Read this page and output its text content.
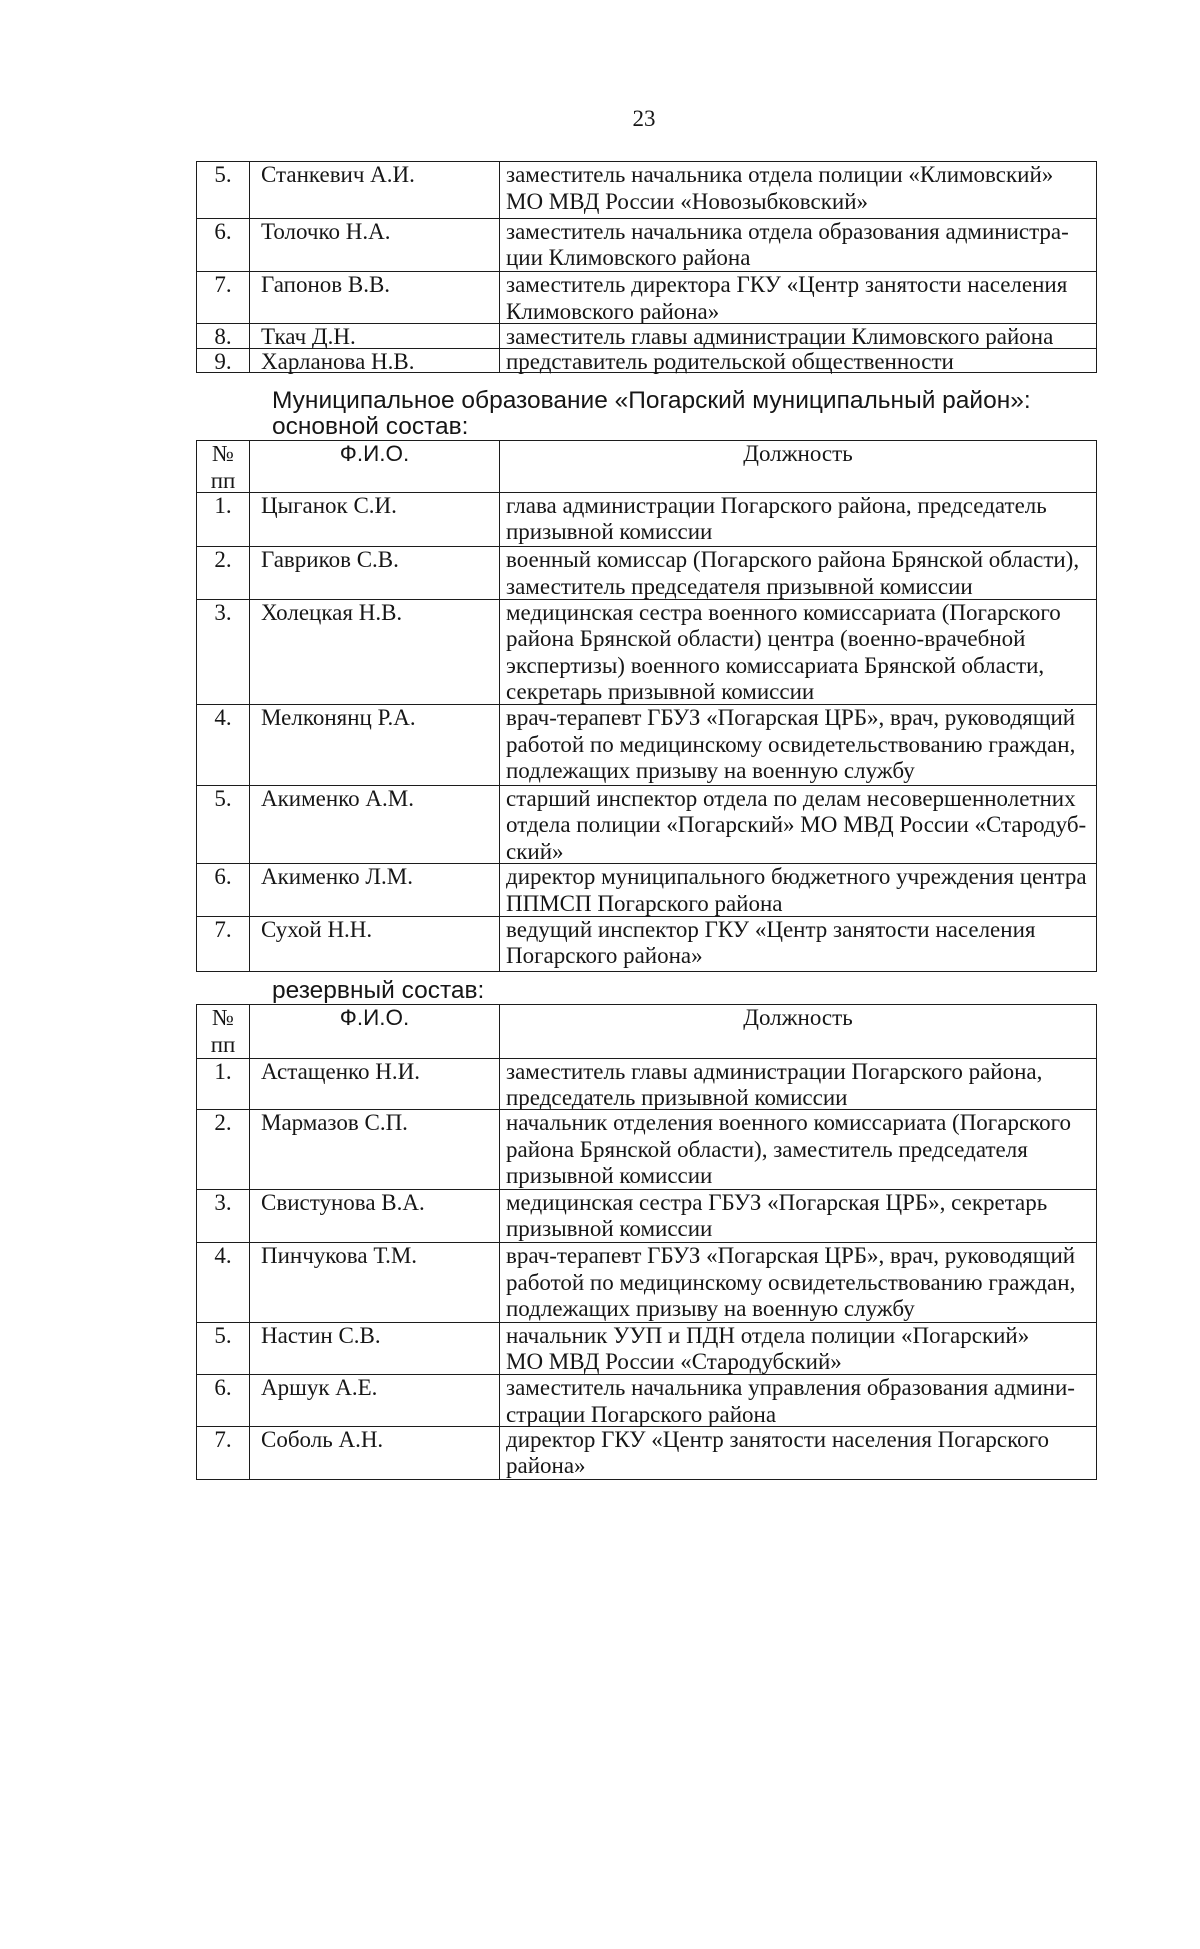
23
5.	Станкевич А.И.	заместитель начальника отдела полиции «Климовский»
МО МВД России «Новозыбковский»

6.	Толочко Н.А.	заместитель начальника отдела образования администра-
ции Климовского района

7.	Гапонов В.В.	заместитель директора ГКУ «Центр занятости населения
Климовского района»

8.	Ткач Д.Н.	заместитель главы администрации Климовского района

9.	Харланова Н.В.	представитель родительской общественности
Муниципальное образование «Погарский муниципальный район»:
основной состав:
№
пп	Ф.И.О.	Должность

1.	Цыганок С.И.	глава администрации Погарского района, председатель
призывной комиссии

2.	Гавриков С.В.	военный комиссар (Погарского района Брянской области),
заместитель председателя призывной комиссии

3.	Холецкая Н.В.	медицинская сестра военного комиссариата (Погарского
района Брянской области) центра (военно-врачебной
экспертизы) военного комиссариата Брянской области,
секретарь призывной комиссии

4.	Мелконянц Р.А.	врач-терапевт ГБУЗ «Погарская ЦРБ», врач, руководящий
работой по медицинскому освидетельствованию граждан,
подлежащих призыву на военную службу

5.	Акименко А.М.	старший инспектор отдела по делам несовершеннолетних
отдела полиции «Погарский» МО МВД России «Стародуб-
ский»

6.	Акименко Л.М.	директор муниципального бюджетного учреждения центра
ППМСП Погарского района

7.	Сухой Н.Н.	ведущий инспектор ГКУ «Центр занятости населения
Погарского района»
резервный состав:
№
пп	Ф.И.О.	Должность

1.	Астащенко Н.И.	заместитель главы администрации Погарского района,
председатель призывной комиссии

2.	Мармазов С.П.	начальник отделения военного комиссариата (Погарского
района Брянской области), заместитель председателя
призывной комиссии

3.	Свистунова В.А.	медицинская сестра ГБУЗ «Погарская ЦРБ», секретарь
призывной комиссии

4.	Пинчукова Т.М.	врач-терапевт ГБУЗ «Погарская ЦРБ», врач, руководящий
работой по медицинскому освидетельствованию граждан,
подлежащих призыву на военную службу

5.	Настин С.В.	начальник УУП и ПДН отдела полиции «Погарский»
МО МВД России «Стародубский»

6.	Аршук А.Е.	заместитель начальника управления образования админи-
страции Погарского района

7.	Соболь А.Н.	директор ГКУ «Центр занятости населения Погарского
района»
